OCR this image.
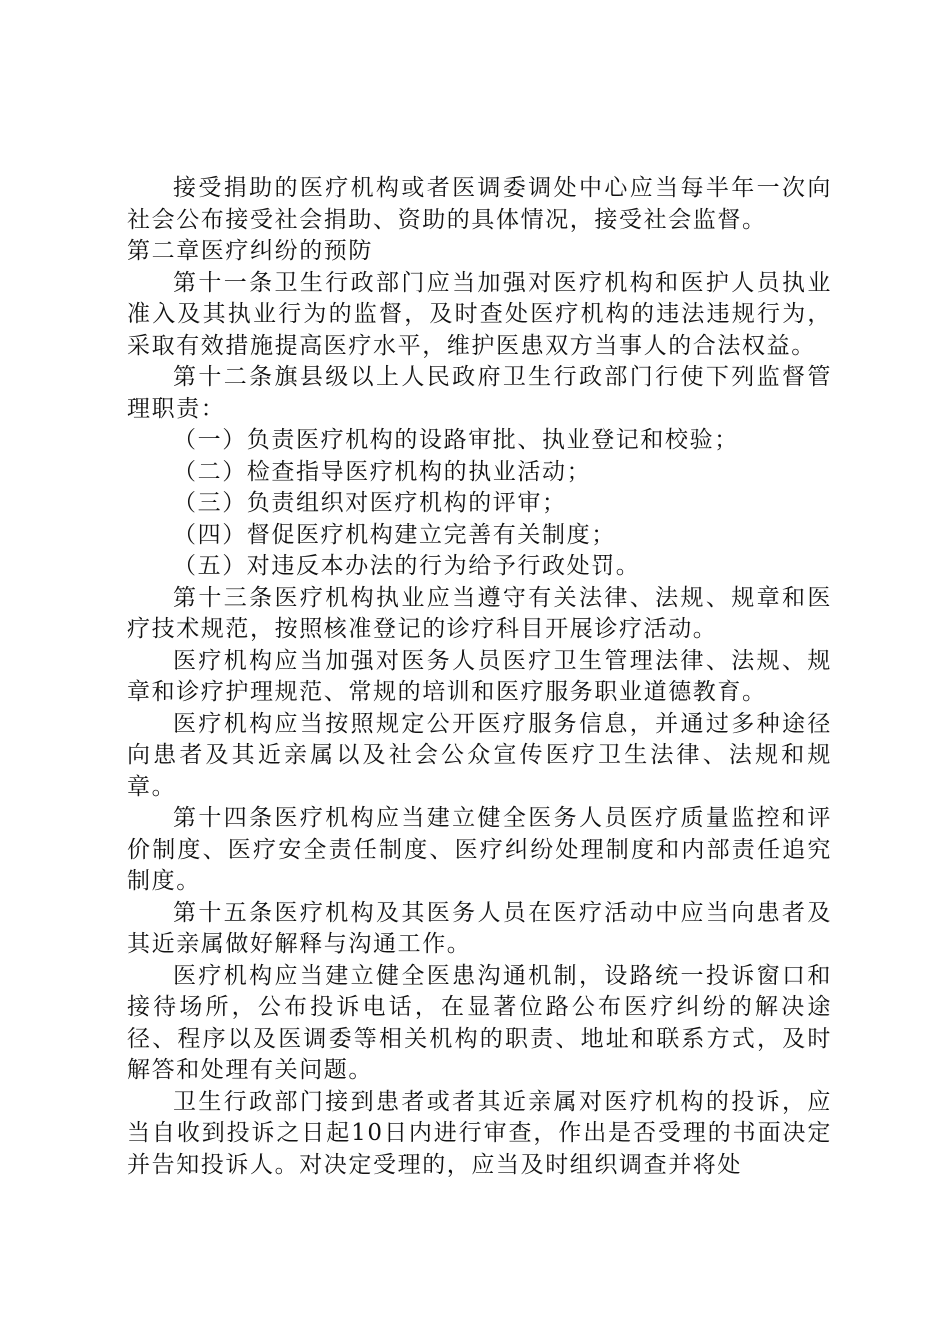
接受捐助的医疗机构或者医调委调处中心应当每半年一次向社会公布接受社会捐助、资助的具体情况，接受社会监督。

第二章医疗纠纷的预防

第十一条卫生行政部门应当加强对医疗机构和医护人员执业准入及其执业行为的监督，及时查处医疗机构的违法违规行为，采取有效措施提高医疗水平，维护医患双方当事人的合法权益。

第十二条旗县级以上人民政府卫生行政部门行使下列监督管理职责：

（一）负责医疗机构的设路审批、执业登记和校验；

（二）检查指导医疗机构的执业活动；

（三）负责组织对医疗机构的评审；

（四）督促医疗机构建立完善有关制度；

（五）对违反本办法的行为给予行政处罚。

第十三条医疗机构执业应当遵守有关法律、法规、规章和医疗技术规范，按照核准登记的诊疗科目开展诊疗活动。

医疗机构应当加强对医务人员医疗卫生管理法律、法规、规章和诊疗护理规范、常规的培训和医疗服务职业道德教育。

医疗机构应当按照规定公开医疗服务信息，并通过多种途径向患者及其近亲属以及社会公众宣传医疗卫生法律、法规和规章。

第十四条医疗机构应当建立健全医务人员医疗质量监控和评价制度、医疗安全责任制度、医疗纠纷处理制度和内部责任追究制度。

第十五条医疗机构及其医务人员在医疗活动中应当向患者及其近亲属做好解释与沟通工作。

医疗机构应当建立健全医患沟通机制，设路统一投诉窗口和接待场所，公布投诉电话，在显著位路公布医疗纠纷的解决途径、程序以及医调委等相关机构的职责、地址和联系方式，及时解答和处理有关问题。

卫生行政部门接到患者或者其近亲属对医疗机构的投诉，应当自收到投诉之日起10日内进行审查，作出是否受理的书面决定并告知投诉人。对决定受理的，应当及时组织调查并将处
